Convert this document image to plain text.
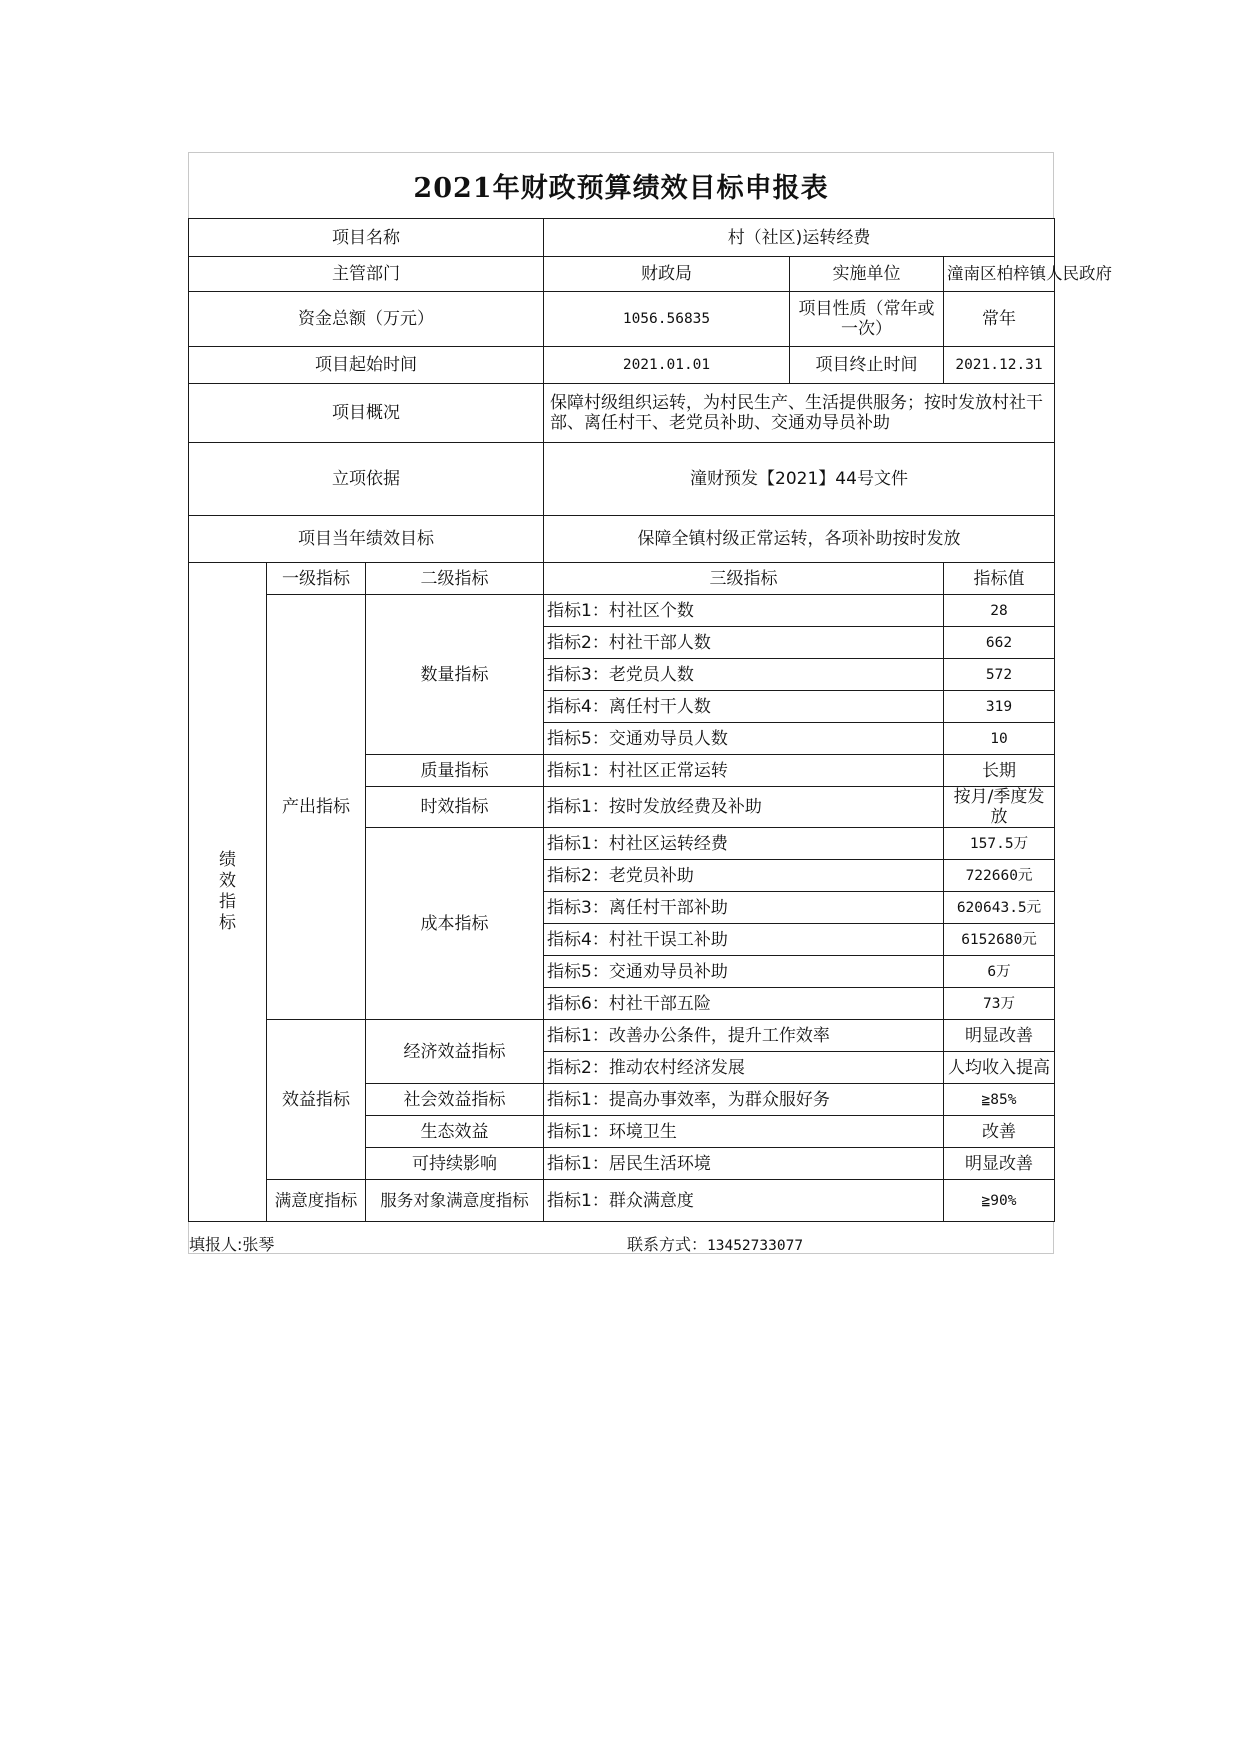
2021年财政预算绩效目标申报表
项目名称			村（社区)运转经费		
主管部门			财政局	实施单位	潼南区柏梓镇人民政府
资金总额（万元）			1056.56835	项目性质（常年或一次）	常年
项目起始时间			2021.01.01	项目终止时间	2021.12.31
项目概况			保障村级组织运转，为村民生产、生活提供服务；按时发放村社干部、离任村干、老党员补助、交通劝导员补助		
立项依据			潼财预发【2021】44号文件		
项目当年绩效目标			保障全镇村级正常运转，各项补助按时发放		
绩效指标	一级指标	二级指标	三级指标		指标值
	产出指标	数量指标	指标1：村社区个数		28
			指标2：村社干部人数		662
			指标3：老党员人数		572
			指标4：离任村干人数		319
			指标5：交通劝导员人数		10
		质量指标	指标1：村社区正常运转		长期
		时效指标	指标1：按时发放经费及补助		按月/季度发放
		成本指标	指标1：村社区运转经费		157.5万
			指标2：老党员补助		722660元
			指标3：离任村干部补助		620643.5元
			指标4：村社干误工补助		6152680元
			指标5：交通劝导员补助		6万
			指标6：村社干部五险		73万
	效益指标	经济效益指标	指标1：改善办公条件，提升工作效率		明显改善
			指标2：推动农村经济发展		人均收入提高
		社会效益指标	指标1：提高办事效率，为群众服好务		≧85%
		生态效益	指标1：环境卫生		改善
		可持续影响	指标1：居民生活环境		明显改善
	满意度指标	服务对象满意度指标	指标1：群众满意度		≧90%
填报人:张琴	联系方式：13452733077
